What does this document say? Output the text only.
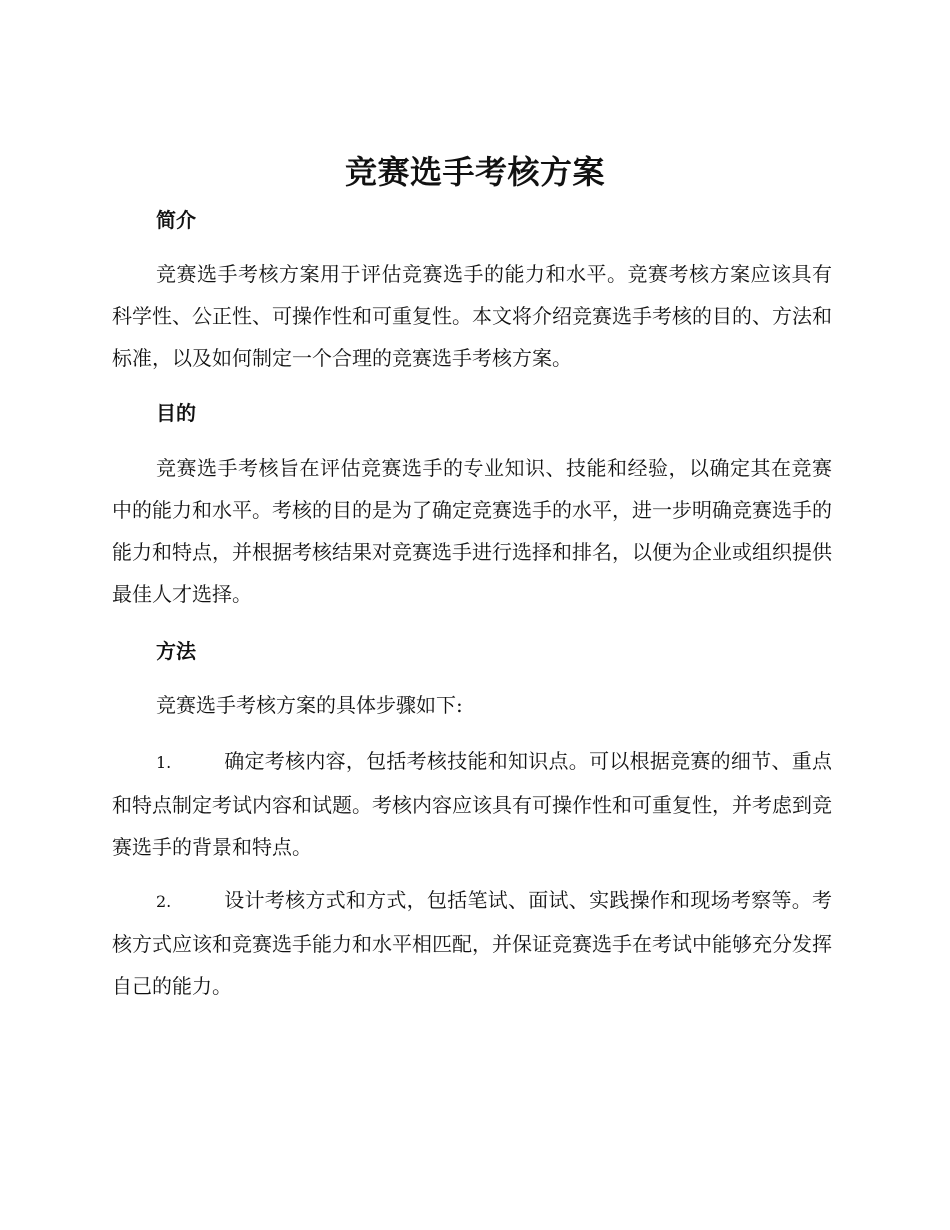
竞赛选手考核方案
简介

竞赛选手考核方案用于评估竞赛选手的能力和水平。竞赛考核方案应该具有科学性、公正性、可操作性和可重复性。本文将介绍竞赛选手考核的目的、方法和标准，以及如何制定一个合理的竞赛选手考核方案。

目的

竞赛选手考核旨在评估竞赛选手的专业知识、技能和经验，以确定其在竞赛中的能力和水平。考核的目的是为了确定竞赛选手的水平，进一步明确竞赛选手的能力和特点，并根据考核结果对竞赛选手进行选择和排名，以便为企业或组织提供最佳人才选择。

方法

竞赛选手考核方案的具体步骤如下:

1.	确定考核内容，包括考核技能和知识点。可以根据竞赛的细节、重点和特点制定考试内容和试题。考核内容应该具有可操作性和可重复性，并考虑到竞赛选手的背景和特点。

2.	设计考核方式和方式，包括笔试、面试、实践操作和现场考察等。考核方式应该和竞赛选手能力和水平相匹配，并保证竞赛选手在考试中能够充分发挥自己的能力。
